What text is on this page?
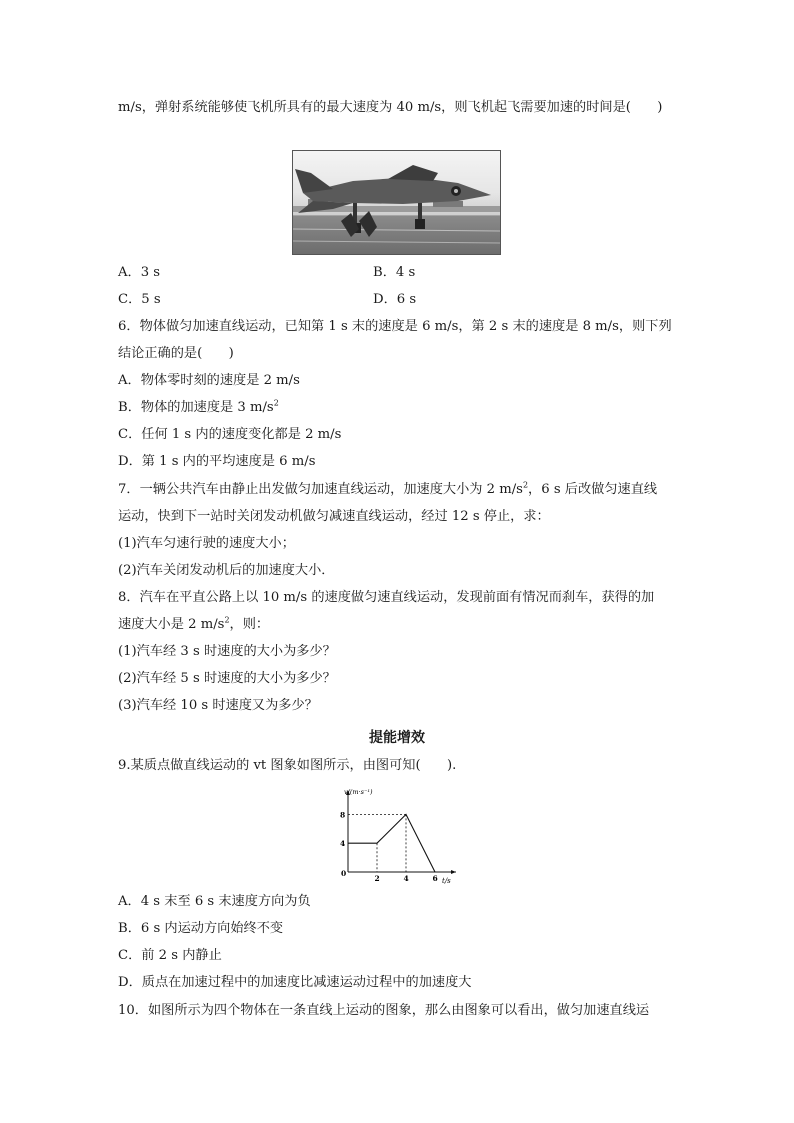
m/s，弹射系统能够使飞机所具有的最大速度为 40 m/s，则飞机起飞需要加速的时间是(　　)
A．3 s	B．4 s
C．5 s	D．6 s
6．物体做匀加速直线运动，已知第 1 s 末的速度是 6 m/s，第 2 s 末的速度是 8 m/s，则下列
结论正确的是(　　)
A．物体零时刻的速度是 2 m/s
B．物体的加速度是 3 $m/s^2$
C．任何 1 s 内的速度变化都是 2 m/s
D．第 1 s 内的平均速度是 6 m/s
7．一辆公共汽车由静止出发做匀加速直线运动，加速度大小为 2 $m/s^2$，6 s 后改做匀速直线
运动，快到下一站时关闭发动机做匀减速直线运动，经过 12 s 停止，求：
(1)汽车匀速行驶的速度大小；
(2)汽车关闭发动机后的加速度大小．
8．汽车在平直公路上以 10 m/s 的速度做匀速直线运动，发现前面有情况而刹车，获得的加
速度大小是 2 $m/s^2$，则：
(1)汽车经 3 s 时速度的大小为多少？
(2)汽车经 5 s 时速度的大小为多少？
(3)汽车经 10 s 时速度又为多少？
提能增效
9.某质点做直线运动的 vt 图象如图所示，由图可知(　　).
v/(m·s⁻¹)
t/s
0
2	4	6
4
8
A．4 s 末至 6 s 末速度方向为负
B．6 s 内运动方向始终不变
C．前 2 s 内静止
D．质点在加速过程中的加速度比减速运动过程中的加速度大
10．如图所示为四个物体在一条直线上运动的图象，那么由图象可以看出，做匀加速直线运
